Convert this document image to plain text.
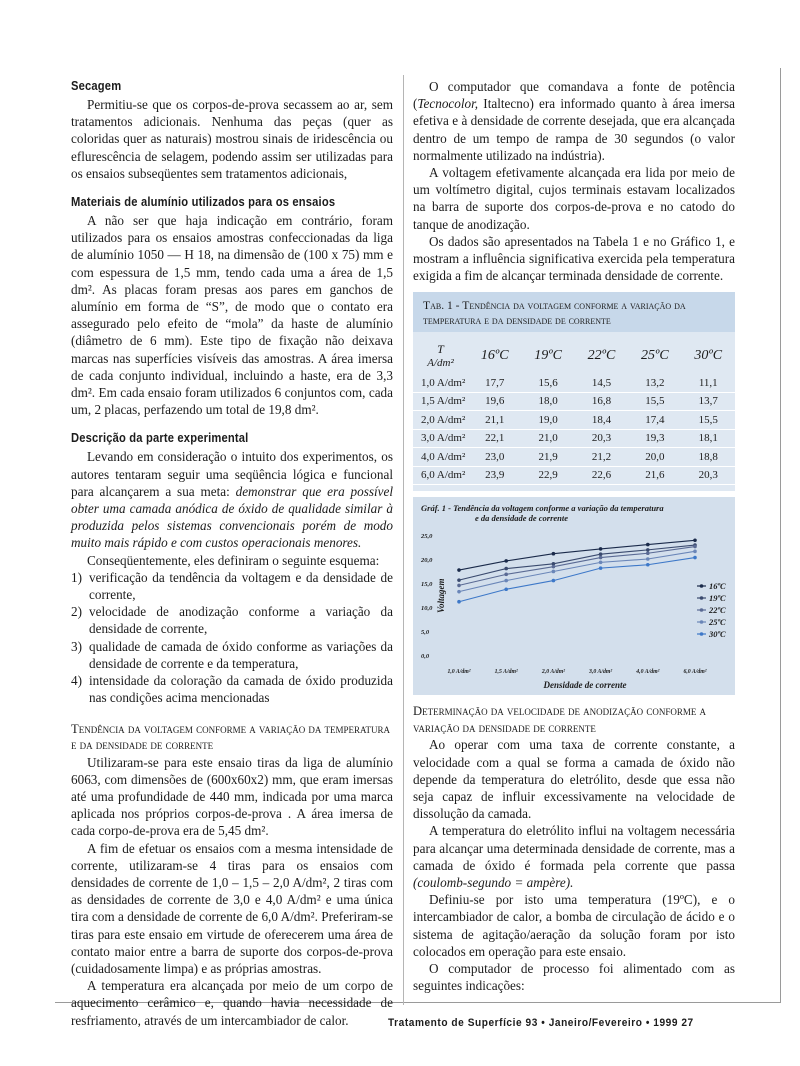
Secagem

Permitiu-se que os corpos-de-prova secassem ao ar, sem tratamentos adicionais. Nenhuma das peças (quer as coloridas quer as naturais) mostrou sinais de iridescência ou eflurescência de selagem, podendo assim ser utilizadas para os ensaios subseqüentes sem tratamentos adicionais,

Materiais de alumínio utilizados para os ensaios

A não ser que haja indicação em contrário, foram utilizados para os ensaios amostras confeccionadas da liga de alumínio 1050 — H 18, na dimensão de (100 x 75) mm e com espessura de 1,5 mm, tendo cada uma a área de 1,5 dm². As placas foram presas aos pares em ganchos de alumínio em forma de “S”, de modo que o contato era assegurado pelo efeito de “mola” da haste de alumínio (diâmetro de 6 mm). Este tipo de fixação não deixava marcas nas superfícies visíveis das amostras. A área imersa de cada conjunto individual, incluindo a haste, era de 3,3 dm². Em cada ensaio foram utilizados 6 conjuntos com, cada um, 2 placas, perfazendo um total de 19,8 dm².

Descrição da parte experimental

Levando em consideração o intuito dos experimentos, os autores tentaram seguir uma seqüência lógica e funcional para alcançarem a sua meta: demonstrar que era possível obter uma camada anódica de óxido de qualidade similar à produzida pelos sistemas convencionais porém de modo muito mais rápido e com custos operacionais menores.

Conseqüentemente, eles definiram o seguinte esquema:

1) verificação da tendência da voltagem e da densidade de corrente,
2) velocidade de anodização conforme a variação da densidade de corrente,
3) qualidade de camada de óxido conforme as variações da densidade de corrente e da temperatura,
4) intensidade da coloração da camada de óxido produzida nas condições acima mencionadas
Tendência da voltagem conforme a variação da temperatura e da densidade de corrente

Utilizaram-se para este ensaio tiras da liga de alumínio 6063, com dimensões de (600x60x2) mm, que eram imersas até uma profundidade de 440 mm, indicada por uma marca aplicada nos próprios corpos-de-prova . A área imersa de cada corpo-de-prova era de 5,45 dm².

A fim de efetuar os ensaios com a mesma intensidade de corrente, utilizaram-se 4 tiras para os ensaios com densidades de corrente de 1,0 – 1,5 – 2,0 A/dm², 2 tiras com as densidades de corrente de 3,0 e 4,0 A/dm² e uma única tira com a densidade de corrente de 6,0 A/dm². Preferiram-se tiras para este ensaio em virtude de oferecerem uma área de contato maior entre a barra de suporte dos corpos-de-prova (cuidadosamente limpa) e as próprias amostras.

A temperatura era alcançada por meio de um corpo de aquecimento cerâmico e, quando havia necessidade de resfriamento, através de um intercambiador de calor.

O computador que comandava a fonte de potência (Tecnocolor, Italtecno) era informado quanto à área imersa efetiva e à densidade de corrente desejada, que era alcançada dentro de um tempo de rampa de 30 segundos (o valor normalmente utilizado na indústria).

A voltagem efetivamente alcançada era lida por meio de um voltímetro digital, cujos terminais estavam localizados na barra de suporte dos corpos-de-prova e no catodo do tanque de anodização.

Os dados são apresentados na Tabela 1 e no Gráfico 1, e mostram a influência significativa exercida pela temperatura exigida a fim de alcançar terminada densidade de corrente.

Tab. 1 - Tendência da voltagem conforme a variação da temperatura e da densidade de corrente
T
A/dm²	16ºC	19ºC	22ºC	25ºC	30ºC
1,0 A/dm²	17,7	15,6	14,5	13,2	11,1
1,5 A/dm²	19,6	18,0	16,8	15,5	13,7
2,0 A/dm²	21,1	19,0	18,4	17,4	15,5
3,0 A/dm²	22,1	21,0	20,3	19,3	18,1
4,0 A/dm²	23,0	21,9	21,2	20,0	18,8
6,0 A/dm²	23,9	22,9	22,6	21,6	20,3
Gráf. 1 - Tendência da voltagem conforme a variação da temperatura e da densidade de corrente
0,0
5,0
10,0
15,0
20,0
25,0
Voltagem
1,0 A/dm²	1,5 A/dm²	2,0 A/dm²	3,0 A/dm²	4,0 A/dm²	6,0 A/dm²
Densidade de corrente
16ºC
19ºC
22ºC
25ºC
30ºC
Determinação da velocidade de anodização conforme a variação da densidade de corrente

Ao operar com uma taxa de corrente constante, a velocidade com a qual se forma a camada de óxido não depende da temperatura do eletrólito, desde que essa não seja capaz de influir excessivamente na velocidade de dissolução da camada.

A temperatura do eletrólito influi na voltagem necessária para alcançar uma determinada densidade de corrente, mas a camada de óxido é formada pela corrente que passa (coulomb-segundo = ampère).

Definiu-se por isto uma temperatura (19ºC), e o intercambiador de calor, a bomba de circulação de ácido e o sistema de agitação/aeração da solução foram por isto colocados em operação para este ensaio.

O computador de processo foi alimentado com as seguintes indicações:

Tratamento de Superfície 93 • Janeiro/Fevereiro • 1999 27
